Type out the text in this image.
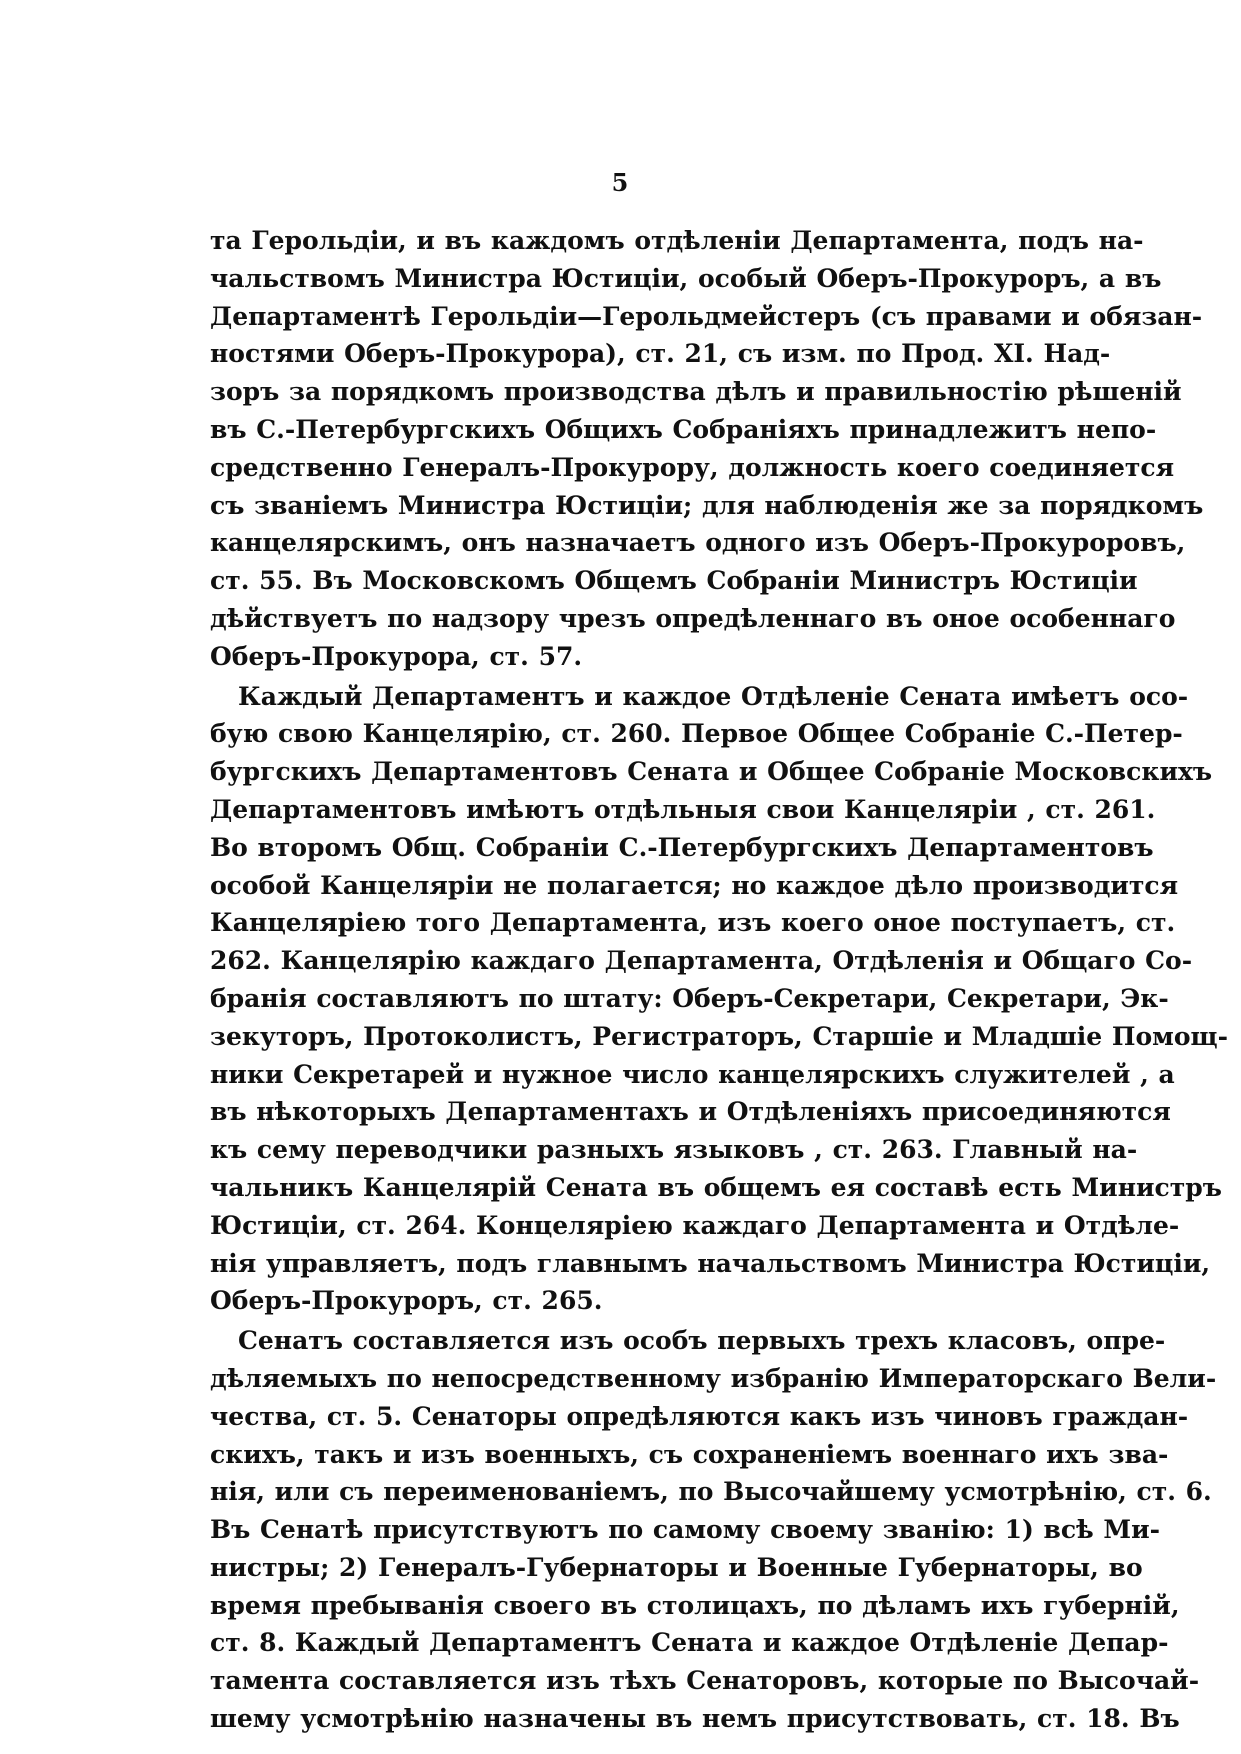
5
та Герольдіи, и въ каждомъ отдѣленіи Департамента, подъ на-
чальствомъ Министра Юстиціи, особый Оберъ-Прокуроръ, а въ
Департаментѣ Герольдіи—Герольдмейстеръ (съ правами и обязан-
ностями Оберъ-Прокурора), ст. 21, съ изм. по Прод. XI. Над-
зоръ за порядкомъ производства дѣлъ и правильностію рѣшеній
въ С.-Петербургскихъ Общихъ Собраніяхъ принадлежитъ непо-
средственно Генералъ-Прокурору, должность коего соединяется
съ званіемъ Министра Юстиціи; для наблюденія же за порядкомъ
канцелярскимъ, онъ назначаетъ одного изъ Оберъ-Прокуроровъ,
ст. 55. Въ Московскомъ Общемъ Собраніи Министръ Юстиціи
дѣйствуетъ по надзору чрезъ опредѣленнаго въ оное особеннаго
Оберъ-Прокурора, ст. 57.
Каждый Департаментъ и каждое Отдѣленіе Сената имѣетъ осо-
бую свою Канцелярію, ст. 260. Первое Общее Собраніе С.-Петер-
бургскихъ Департаментовъ Сената и Общее Собраніе Московскихъ
Департаментовъ имѣютъ отдѣльныя свои Канцеляріи , ст. 261.
Во второмъ Общ. Собраніи С.-Петербургскихъ Департаментовъ
особой Канцеляріи не полагается; но каждое дѣло производится
Канцеляріею того Департамента, изъ коего оное поступаетъ, ст.
262. Канцелярію каждаго Департамента, Отдѣленія и Общаго Со-
бранія составляютъ по штату: Оберъ-Секретари, Секретари, Эк-
зекуторъ, Протоколистъ, Регистраторъ, Старшіе и Младшіе Помощ-
ники Секретарей и нужное число канцелярскихъ служителей , а
въ нѣкоторыхъ Департаментахъ и Отдѣленіяхъ присоединяются
къ сему переводчики разныхъ языковъ , ст. 263. Главный на-
чальникъ Канцелярій Сената въ общемъ ея составѣ есть Министръ
Юстиціи, ст. 264. Концеляріею каждаго Департамента и Отдѣле-
нія управляетъ, подъ главнымъ начальствомъ Министра Юстиціи,
Оберъ-Прокуроръ, ст. 265.
Сенатъ составляется изъ особъ первыхъ трехъ класовъ, опре-
дѣляемыхъ по непосредственному избранію Императорскаго Вели-
чества, ст. 5. Сенаторы опредѣляются какъ изъ чиновъ граждан-
скихъ, такъ и изъ военныхъ, съ сохраненіемъ военнаго ихъ зва-
нія, или съ переименованіемъ, по Высочайшему усмотрѣнію, ст. 6.
Въ Сенатѣ присутствуютъ по самому своему званію: 1) всѣ Ми-
нистры; 2) Генералъ-Губернаторы и Военные Губернаторы, во
время пребыванія своего въ столицахъ, по дѣламъ ихъ губерній,
ст. 8. Каждый Департаментъ Сената и каждое Отдѣленіе Депар-
тамента составляется изъ тѣхъ Сенаторовъ, которые по Высочай-
шему усмотрѣнію назначены въ немъ присутствовать, ст. 18. Въ
